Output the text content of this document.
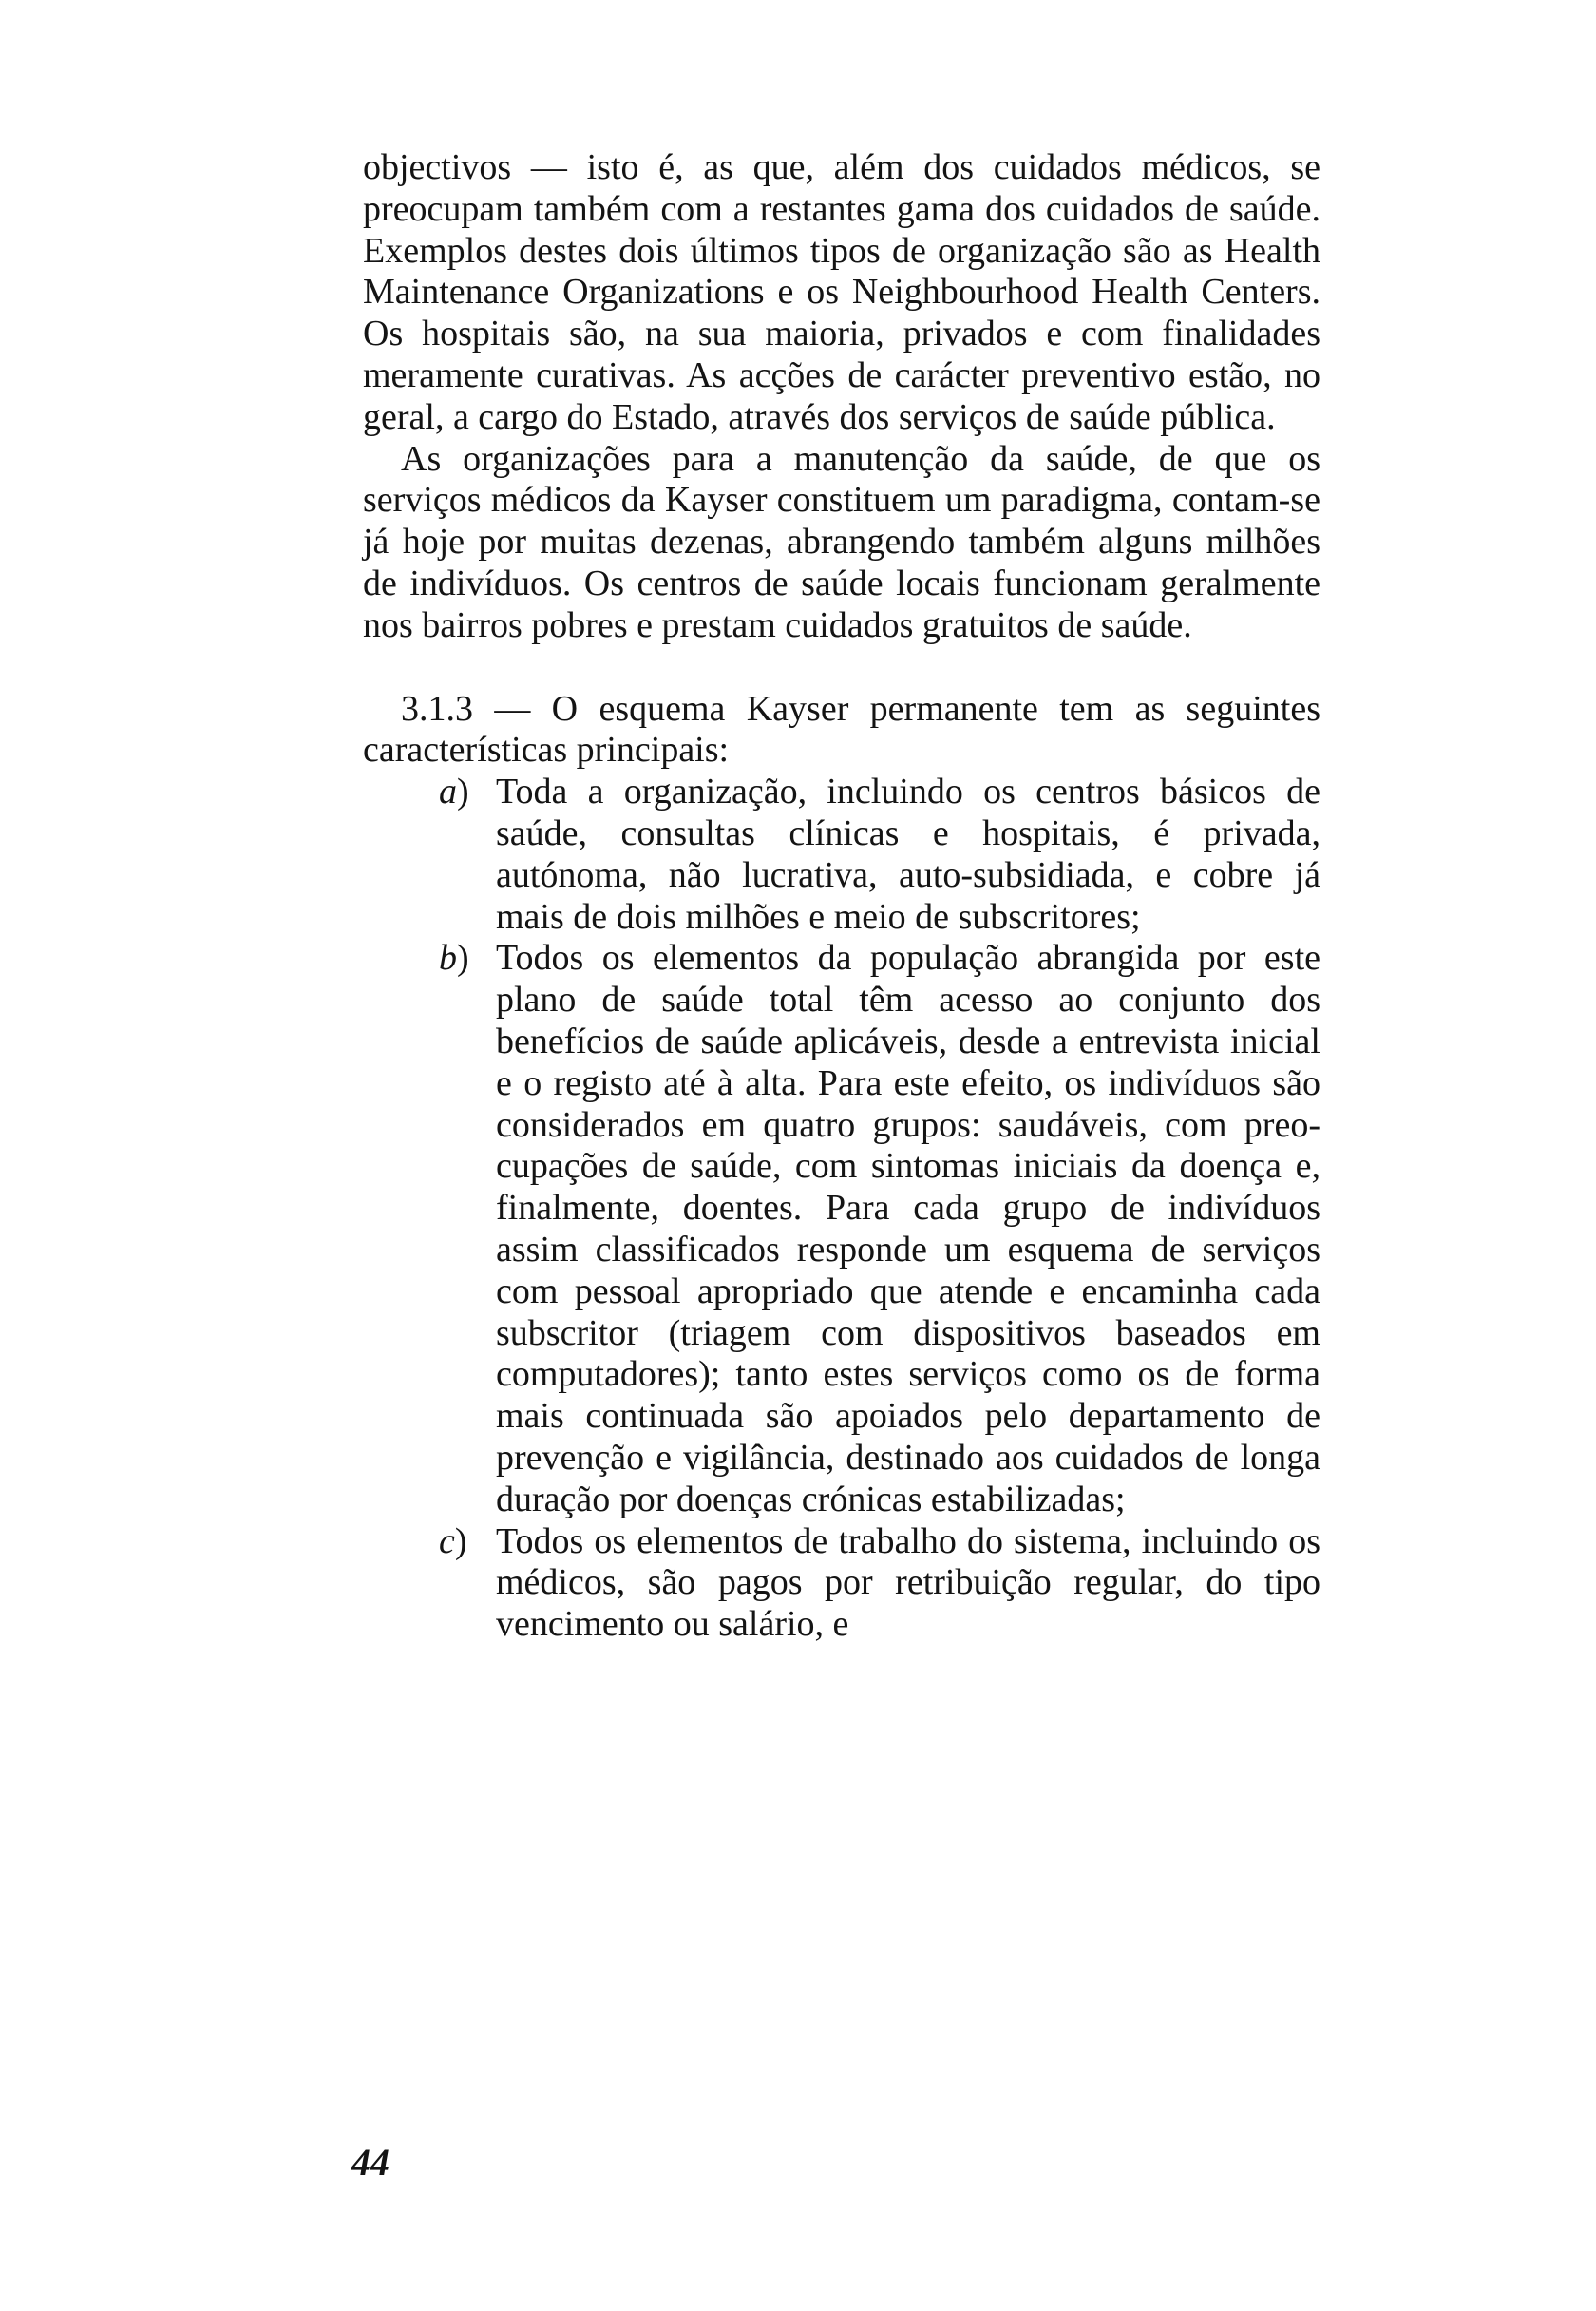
objectivos — isto é, as que, além dos cuidados médicos, se preocupam também com a restantes gama dos cuidados de saúde. Exemplos destes dois últimos tipos de organização são as Health Maintenance Organizations e os Neighbourhood Health Centers. Os hospitais são, na sua maioria, privados e com finalidades meramente curativas. As acções de carácter preventivo estão, no geral, a cargo do Estado, através dos serviços de saúde pública.

As organizações para a manutenção da saúde, de que os serviços médicos da Kayser constituem um paradigma, contam-se já hoje por muitas dezenas, abrangendo também alguns milhões de indivíduos. Os centros de saúde locais funcionam geralmente nos bairros pobres e prestam cuidados gratuitos de saúde.

3.1.3 — O esquema Kayser permanente tem as seguintes características principais:

a) Toda a organização, incluindo os centros básicos de saúde, consultas clínicas e hospitais, é privada, autónoma, não lucrativa, auto-subsidiada, e cobre já mais de dois milhões e meio de subscritores;

b) Todos os elementos da população abrangida por este plano de saúde total têm acesso ao conjunto dos benefícios de saúde aplicáveis, desde a entrevista inicial e o registo até à alta. Para este efeito, os indivíduos são considerados em quatro grupos: saudáveis, com preocupações de saúde, com sintomas iniciais da doença e, finalmente, doentes. Para cada grupo de indivíduos assim classificados responde um esquema de serviços com pessoal apropriado que atende e encaminha cada subscritor (triagem com dispositivos baseados em computadores); tanto estes serviços como os de forma mais continuada são apoiados pelo departamento de prevenção e vigilância, destinado aos cuidados de longa duração por doenças crónicas estabilizadas;

c) Todos os elementos de trabalho do sistema, incluindo os médicos, são pagos por retribuição regular, do tipo vencimento ou salário, e

44
